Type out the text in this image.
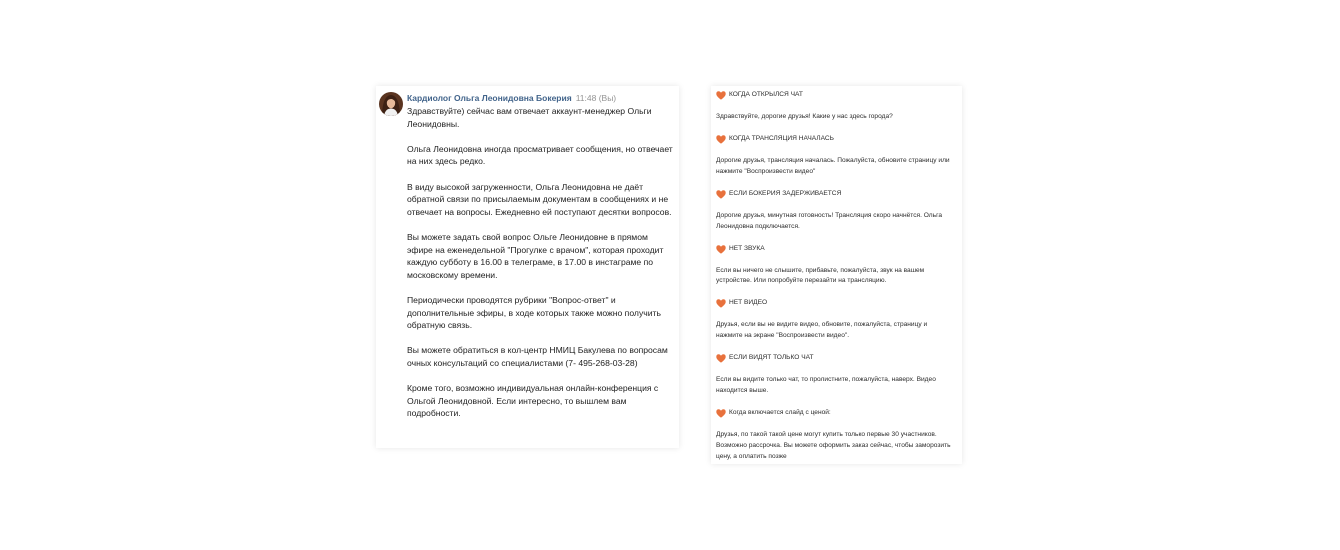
Кардиолог Ольга Леонидовна Бокерия 11:48 (Вы)

Здравствуйте) сейчас вам отвечает аккаунт-менеджер Ольги Леонидовны.

Ольга Леонидовна иногда просматривает сообщения, но отвечает на них здесь редко.

В виду высокой загруженности, Ольга Леонидовна не даёт обратной связи по присылаемым документам в сообщениях и не отвечает на вопросы. Ежедневно ей поступают десятки вопросов.

Вы можете задать свой вопрос Ольге Леонидовне в прямом эфире на еженедельной "Прогулке с врачом", которая проходит каждую субботу в 16.00 в телеграме, в 17.00 в инстаграме по московскому времени.

Периодически проводятся рубрики "Вопрос-ответ" и дополнительные эфиры, в ходе которых также можно получить обратную связь.

Вы можете обратиться в кол-центр НМИЦ Бакулева по вопросам очных консультаций со специалистами (7- 495-268-03-28)

Кроме того, возможно индивидуальная онлайн-конференция с Ольгой Леонидовной. Если интересно, то вышлем вам подробности.

КОГДА ОТКРЫЛСЯ ЧАТ

Здравствуйте, дорогие друзья! Какие у нас здесь города?

КОГДА ТРАНСЛЯЦИЯ НАЧАЛАСЬ

Дорогие друзья, трансляция началась. Пожалуйста, обновите страницу или нажмите "Воспроизвести видео"

ЕСЛИ БОКЕРИЯ ЗАДЕРЖИВАЕТСЯ

Дорогие друзья, минутная готовность! Трансляция скоро начнётся. Ольга Леонидовна подключается.

НЕТ ЗВУКА

Если вы ничего не слышите, прибавьте, пожалуйста, звук на вашем устройстве. Или попробуйте перезайти на трансляцию.

НЕТ ВИДЕО

Друзья, если вы не видите видео, обновите, пожалуйста, страницу и нажмите на экране "Воспроизвести видео".

ЕСЛИ ВИДЯТ ТОЛЬКО ЧАТ

Если вы видите только чат, то пролистните, пожалуйста, наверх. Видео находится выше.

Когда включается слайд с ценой:

Друзья, по такой такой цене могут купить только первые 30 участников. Возможно рассрочка. Вы можете оформить заказ сейчас, чтобы заморозить цену, а оплатить позже
